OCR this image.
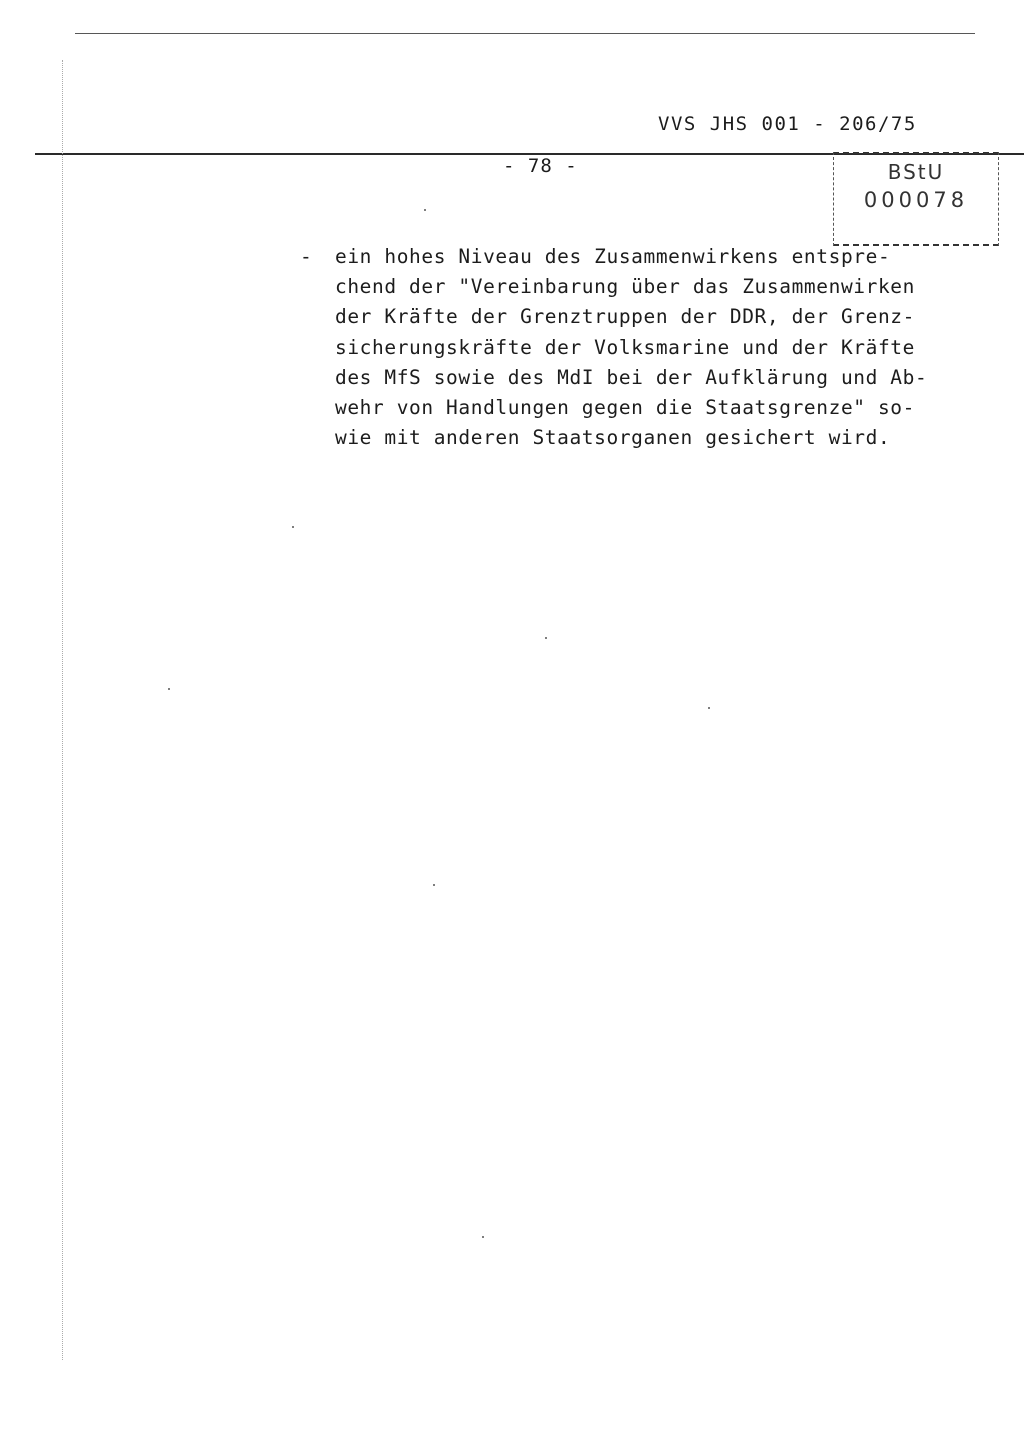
VVS JHS 001 - 206/75
- 78 -	BStU
000078
- ein hohes Niveau des Zusammenwirkens entspre-
chend der "Vereinbarung über das Zusammenwirken
der Kräfte der Grenztruppen der DDR, der Grenz-
sicherungskräfte der Volksmarine und der Kräfte
des MfS sowie des MdI bei der Aufklärung und Ab-
wehr von Handlungen gegen die Staatsgrenze" so-
wie mit anderen Staatsorganen gesichert wird.
